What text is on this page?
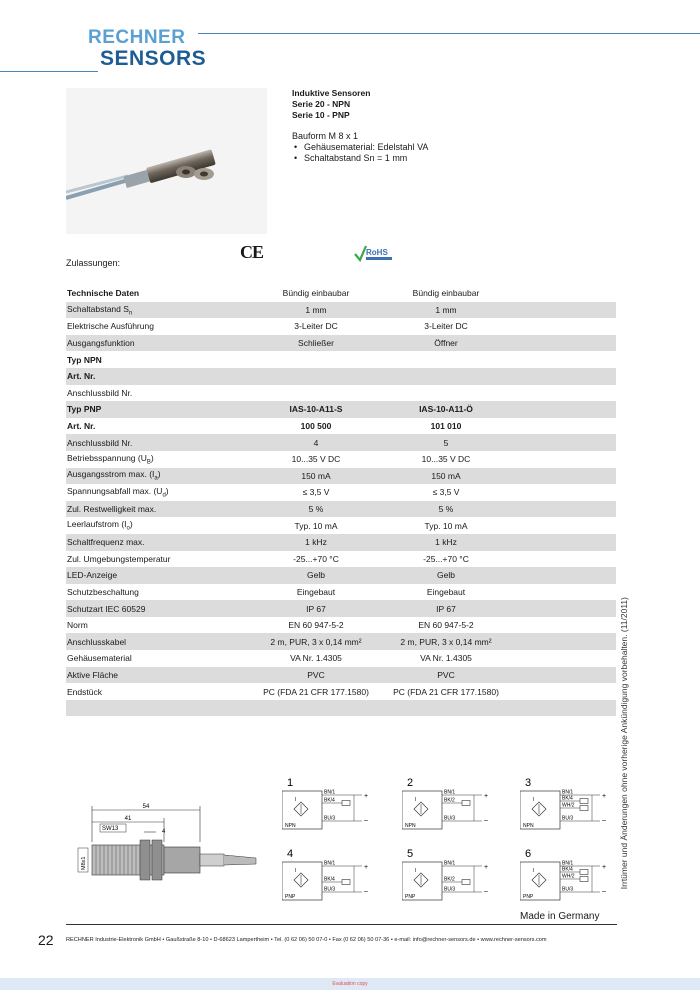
RECHNER
SENSORS
Induktive Sensoren
Serie 20 - NPN
Serie 10 - PNP
Bauform M 8 x 1
• Gehäusematerial: Edelstahl VA
• Schaltabstand Sn = 1 mm
Zulassungen:
CE	RoHS
Technische Daten	Bündig einbaubar	Bündig einbaubar
Schaltabstand $S_n$	1 mm	1 mm
Elektrische Ausführung	3-Leiter DC	3-Leiter DC
Ausgangsfunktion	Schließer	Öffner
Typ NPN
Art. Nr.
Anschlussbild Nr.
Typ PNP	IAS-10-A11-S	IAS-10-A11-Ö
Art. Nr.	100 500	101 010
Anschlussbild Nr.	4	5
Betriebsspannung $(U_B)$	10...35 V DC	10...35 V DC
Ausgangsstrom max. $(I_a)$	150 mA	150 mA
Spannungsabfall max. $(U_d)$	≤ 3,5 V	≤ 3,5 V
Zul. Restwelligkeit max.	5 %	5 %
Leerlaufstrom $(I_o)$	Typ. 10 mA	Typ. 10 mA
Schaltfrequenz max.	1 kHz	1 kHz
Zul. Umgebungstemperatur	-25...+70 °C	-25...+70 °C
LED-Anzeige	Gelb	Gelb
Schutzbeschaltung	Eingebaut	Eingebaut
Schutzart IEC 60529	IP 67	IP 67
Norm	EN 60 947-5-2	EN 60 947-5-2
Anschlusskabel	2 m, PUR, 3 x 0,14 mm²	2 m, PUR, 3 x 0,14 mm²
Gehäusematerial	VA Nr. 1.4305	VA Nr. 1.4305
Aktive Fläche	PVC	PVC
Endstück	PC (FDA 21 CFR 177.1580)	PC (FDA 21 CFR 177.1580)	Irrtümer und Änderungen ohne vorherige Ankündigung vorbehalten. (11/2011)
54
41
SW13	4
M8x1
1
I
NPN
BN/1
BK/4
BU/3
+
–
2
I
NPN
BN/1
BK/2
BU/3
+
–
3
I
NPN
BN/1
BK/4
WH/2
BU/3
+
–
4
I
PNP
BN/1
BK/4
BU/3
+
–
5
I
PNP
BN/1
BK/2
BU/3
+
–
6
I
PNP
BN/1
BK/4
WH/2
BU/3
+
–
Made in Germany
22 RECHNER Industrie-Elektronik GmbH • Gaußstraße 8-10 • D-68623 Lampertheim • Tel. (0 62 06) 50 07-0 • Fax (0 62 06) 50 07-36 • e-mail: info@rechner-sensors.de • www.rechner-sensors.com
Evaluation copy
